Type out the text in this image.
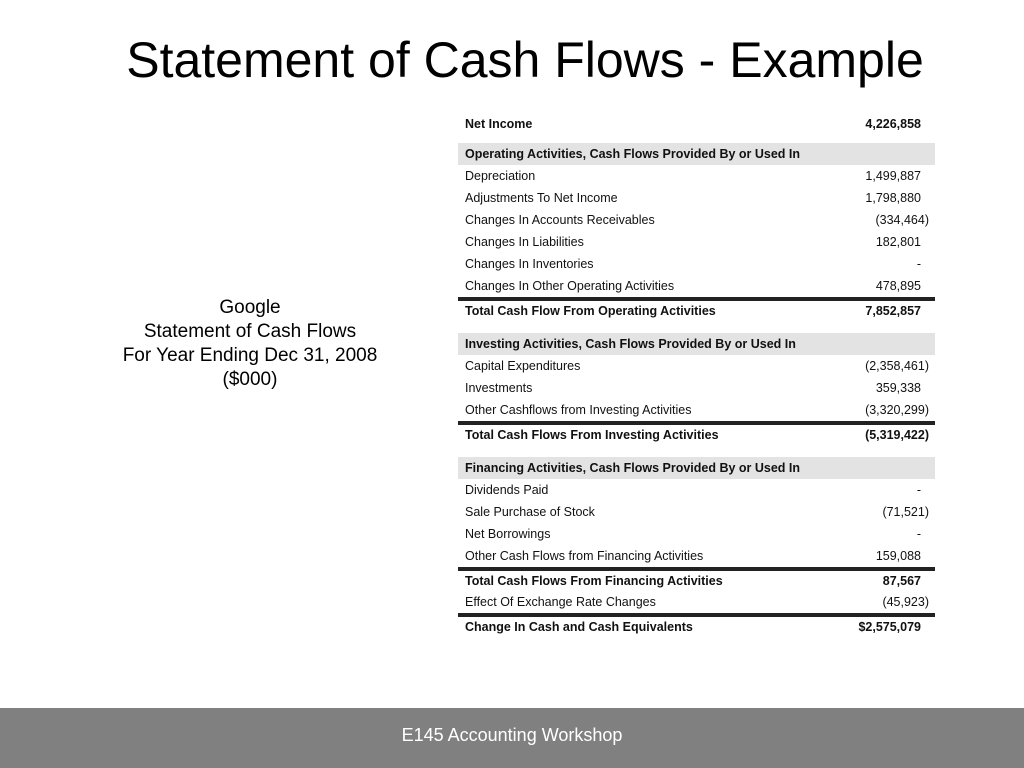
Statement of Cash Flows - Example
Google
Statement of Cash Flows
For Year Ending Dec 31, 2008
($000)
Net Income	4,226,858
Operating Activities, Cash Flows Provided By or Used In
Depreciation	1,499,887
Adjustments To Net Income	1,798,880
Changes In Accounts Receivables	(334,464)
Changes In Liabilities	182,801
Changes In Inventories	-
Changes In Other Operating Activities	478,895
Total Cash Flow From Operating Activities	7,852,857
Investing Activities, Cash Flows Provided By or Used In
Capital Expenditures	(2,358,461)
Investments	359,338
Other Cashflows from Investing Activities	(3,320,299)
Total Cash Flows From Investing Activities	(5,319,422)
Financing Activities, Cash Flows Provided By or Used In
Dividends Paid	-
Sale Purchase of Stock	(71,521)
Net Borrowings	-
Other Cash Flows from Financing Activities	159,088
Total Cash Flows From Financing Activities	87,567
Effect Of Exchange Rate Changes	(45,923)
Change In Cash and Cash Equivalents	$2,575,079
E145 Accounting Workshop
